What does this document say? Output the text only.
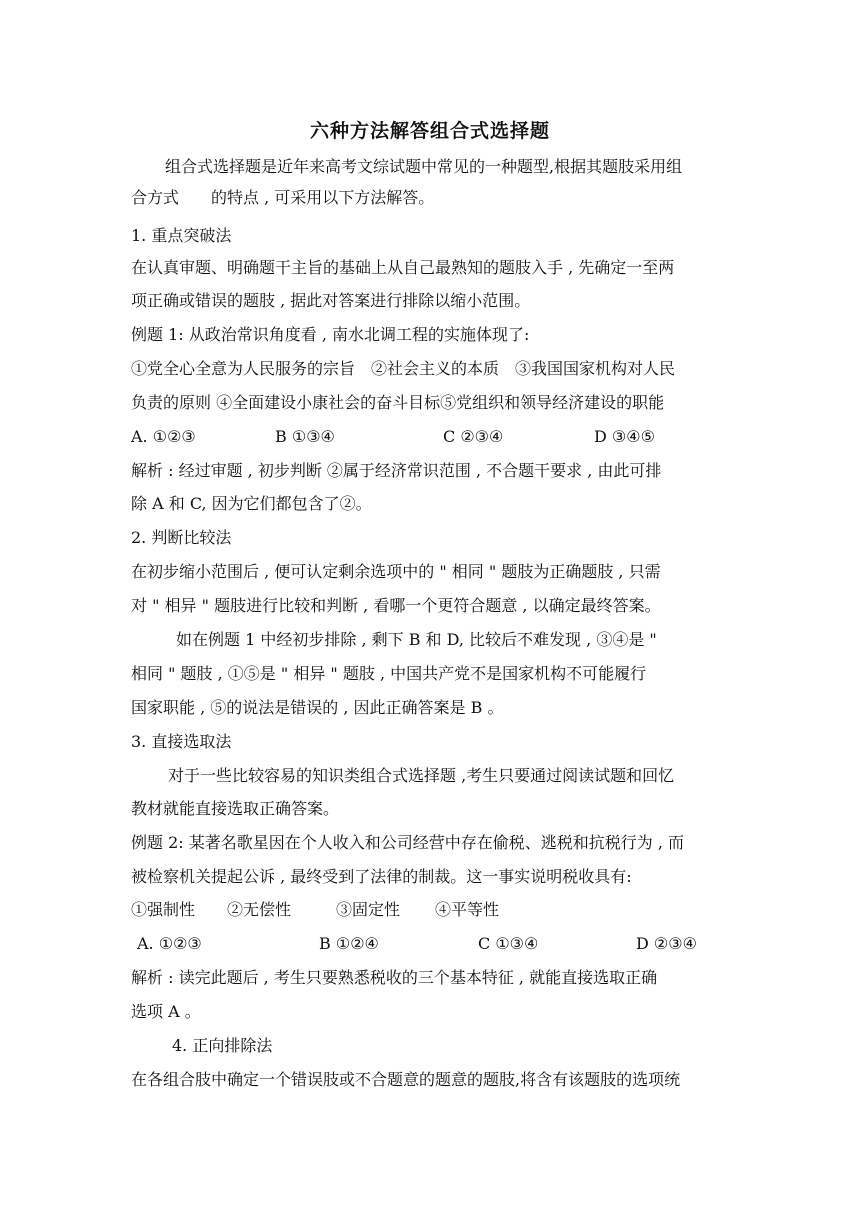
六种方法解答组合式选择题
组合式选择题是近年来高考文综试题中常见的一种题型,根据其题肢采用组
合方式　　的特点 , 可采用以下方法解答。
1. 重点突破法
在认真审题、明确题干主旨的基础上从自己最熟知的题肢入手 , 先确定一至两
项正确或错误的题肢 , 据此对答案进行排除以缩小范围。
例题 1: 从政治常识角度看 , 南水北调工程的实施体现了:
①党全心全意为人民服务的宗旨　②社会主义的本质　③我国国家机构对人民
负责的原则 ④全面建设小康社会的奋斗目标⑤党组织和领导经济建设的职能
A. ①②③	B ①③④	C ②③④	D ③④⑤
解析 : 经过审题 , 初步判断 ②属于经济常识范围 , 不合题干要求 , 由此可排
除 A 和 C, 因为它们都包含了②。
2. 判断比较法
在初步缩小范围后 , 便可认定剩余选项中的 " 相同 " 题肢为正确题肢 , 只需
对 " 相异 " 题肢进行比较和判断 , 看哪一个更符合题意 , 以确定最终答案。
如在例题 1 中经初步排除 , 剩下 B 和 D, 比较后不难发现 , ③④是 "
相同 " 题肢 , ①⑤是 " 相异 " 题肢 , 中国共产党不是国家机构不可能履行
国家职能 , ⑤的说法是错误的 , 因此正确答案是 B 。
3. 直接选取法
对于一些比较容易的知识类组合式选择题 ,考生只要通过阅读试题和回忆
教材就能直接选取正确答案。
例题 2: 某著名歌星因在个人收入和公司经营中存在偷税、逃税和抗税行为 , 而
被检察机关提起公诉 , 最终受到了法律的制裁。这一事实说明税收具有:
①强制性 ②无偿性	③固定性 ④平等性
A. ①②③	B ①②④	C ①③④	D ②③④
解析 : 读完此题后 , 考生只要熟悉税收的三个基本特征 , 就能直接选取正确
选项 A 。
4. 正向排除法
在各组合肢中确定一个错误肢或不合题意的题意的题肢,将含有该题肢的选项统
